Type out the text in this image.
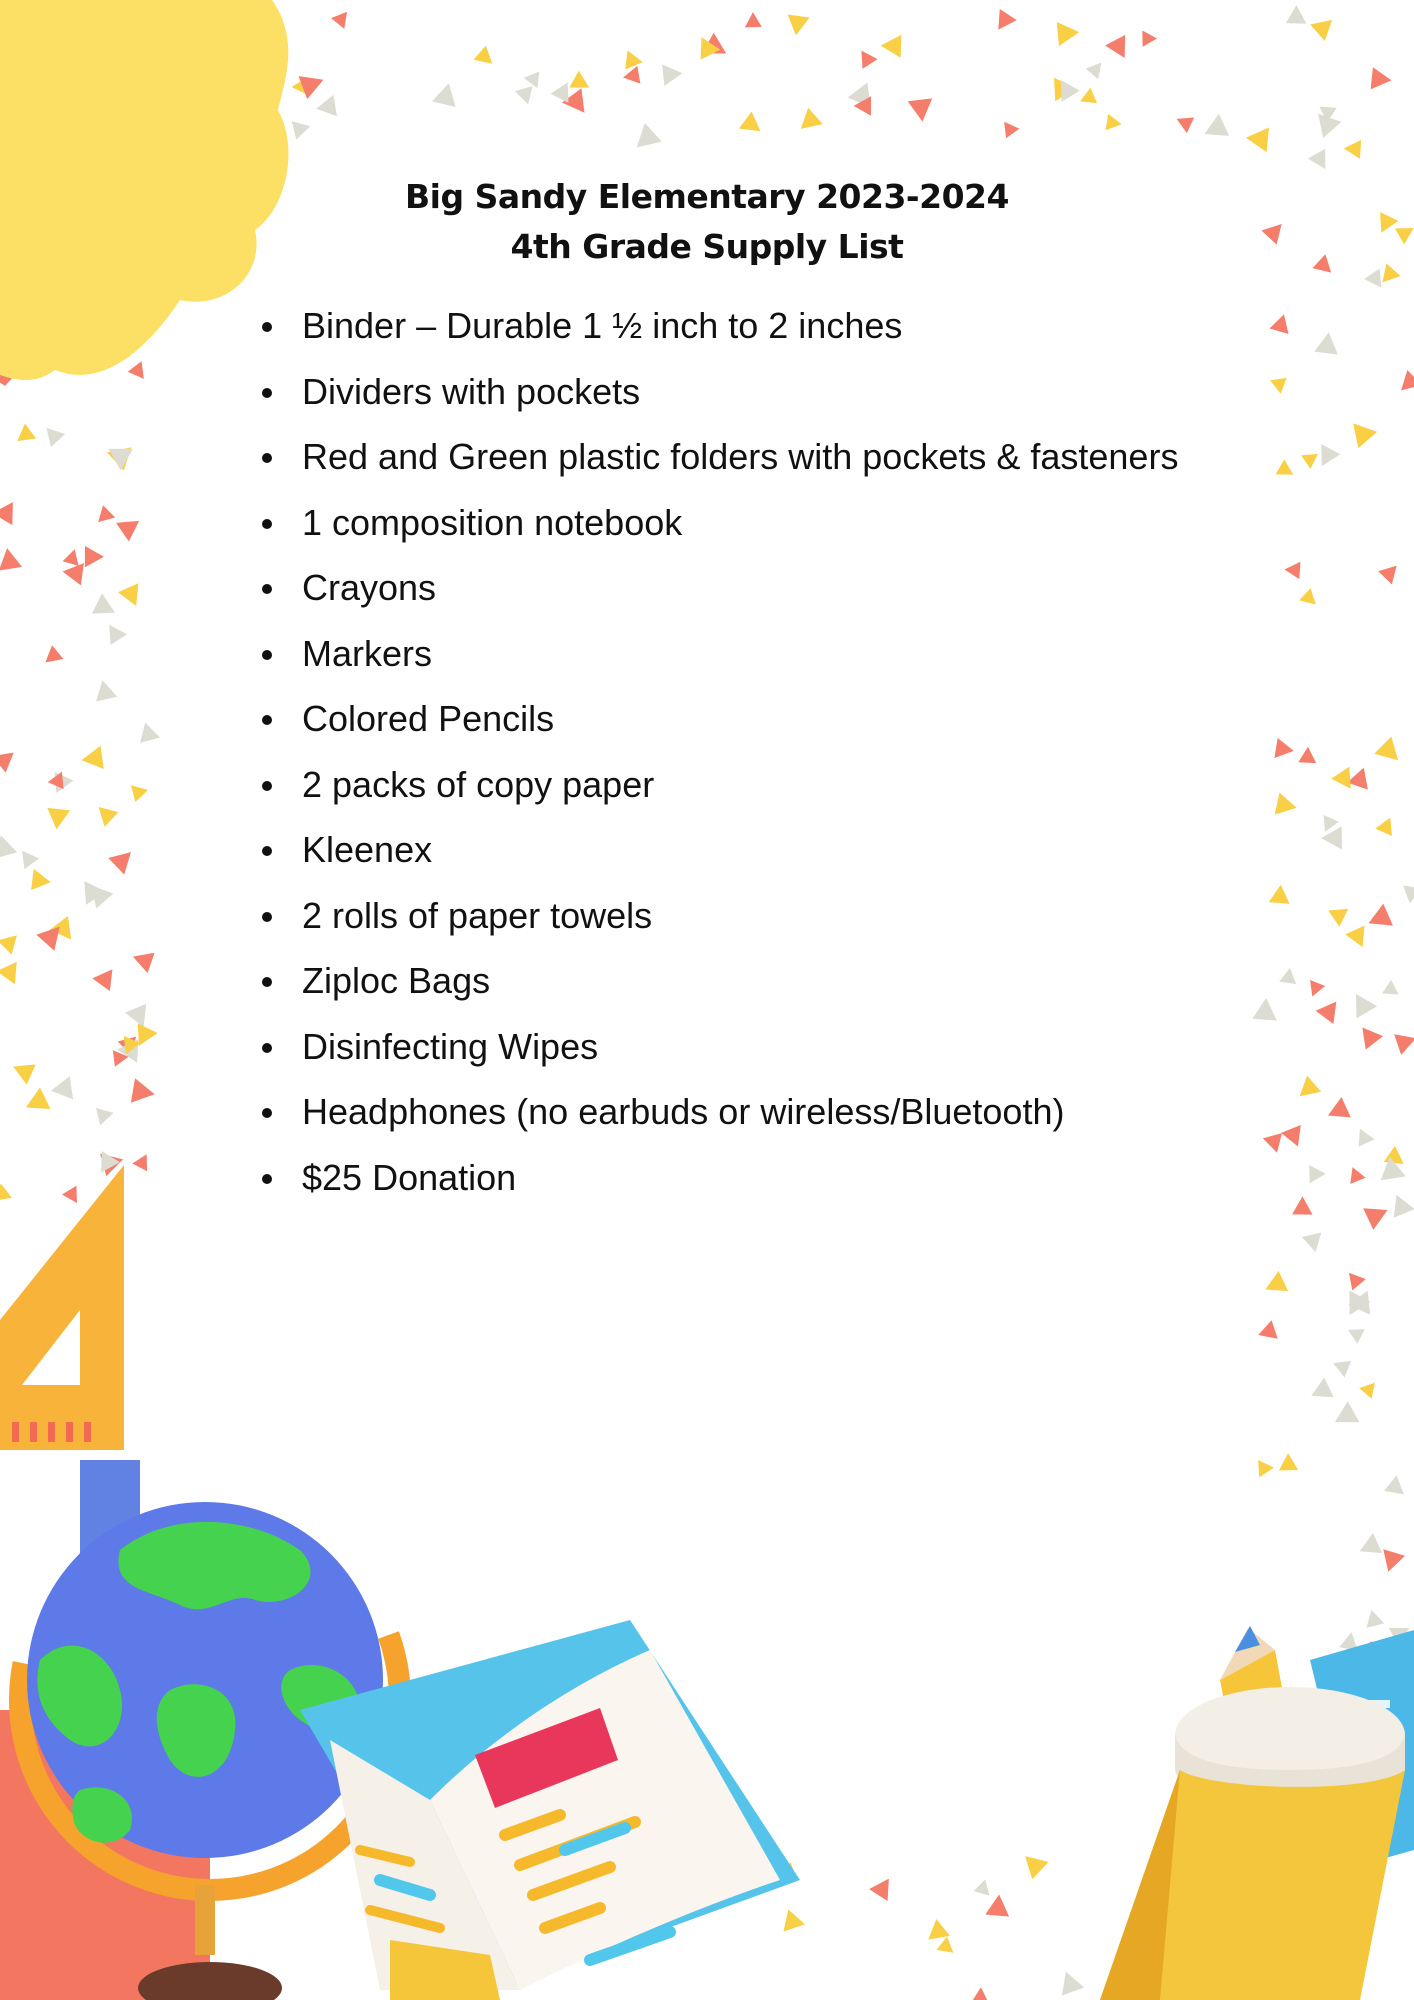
Big Sandy Elementary 2023-2024
4th Grade Supply List
Binder – Durable 1 ½ inch to 2 inches
Dividers with pockets
Red and Green plastic folders with pockets & fasteners
1 composition notebook
Crayons
Markers
Colored Pencils
2 packs of copy paper
Kleenex
2 rolls of paper towels
Ziploc Bags
Disinfecting Wipes
Headphones (no earbuds or wireless/Bluetooth)
$25 Donation
